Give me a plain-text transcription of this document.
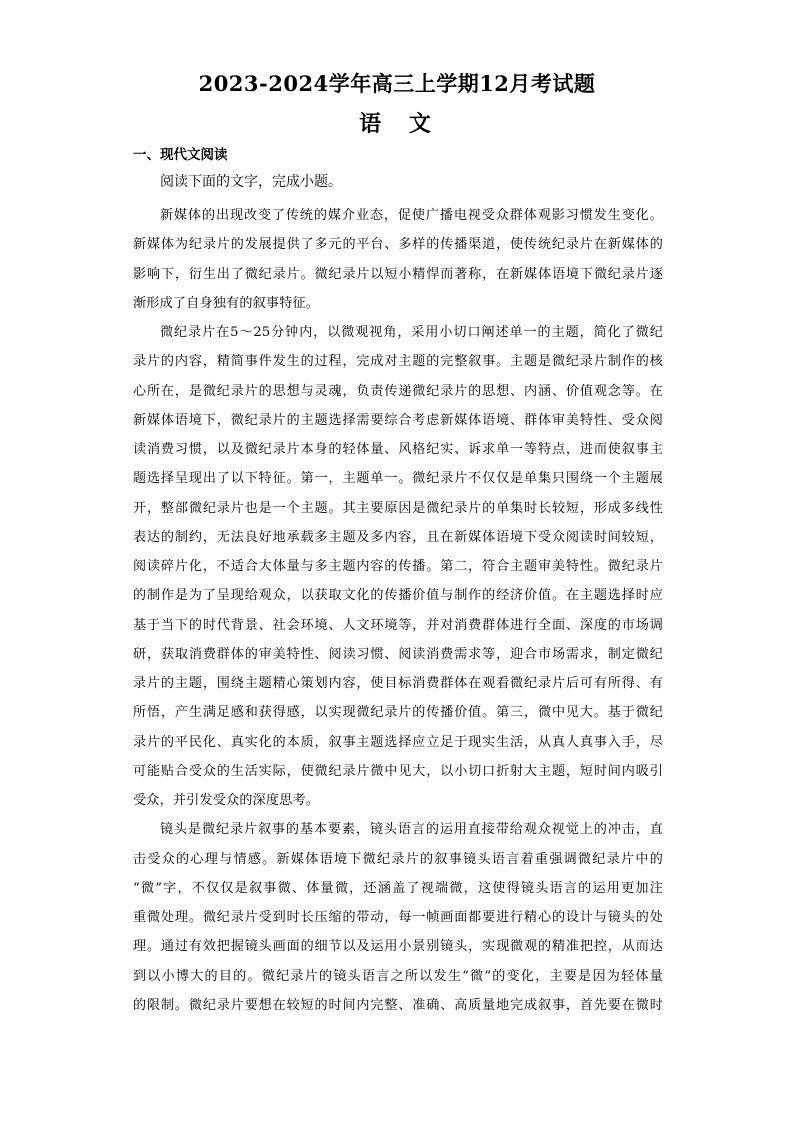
2023-2024学年高三上学期12月考试题
语 文
一、现代文阅读
阅读下面的文字，完成小题。
新媒体的出现改变了传统的媒介业态，促使广播电视受众群体观影习惯发生变化。
新媒体为纪录片的发展提供了多元的平台、多样的传播渠道，使传统纪录片在新媒体的
影响下，衍生出了微纪录片。微纪录片以短小精悍而著称，在新媒体语境下微纪录片逐
渐形成了自身独有的叙事特征。
微纪录片在5～25分钟内，以微观视角，采用小切口阐述单一的主题，简化了微纪
录片的内容，精简事件发生的过程，完成对主题的完整叙事。主题是微纪录片制作的核
心所在，是微纪录片的思想与灵魂，负责传递微纪录片的思想、内涵、价值观念等。在
新媒体语境下，微纪录片的主题选择需要综合考虑新媒体语境、群体审美特性、受众阅
读消费习惯，以及微纪录片本身的轻体量、风格纪实、诉求单一等特点，进而使叙事主
题选择呈现出了以下特征。第一，主题单一。微纪录片不仅仅是单集只围绕一个主题展
开，整部微纪录片也是一个主题。其主要原因是微纪录片的单集时长较短，形成多线性
表达的制约，无法良好地承载多主题及多内容，且在新媒体语境下受众阅读时间较短，
阅读碎片化，不适合大体量与多主题内容的传播。第二，符合主题审美特性。微纪录片
的制作是为了呈现给观众，以获取文化的传播价值与制作的经济价值。在主题选择时应
基于当下的时代背景、社会环境、人文环境等，并对消费群体进行全面、深度的市场调
研，获取消费群体的审美特性、阅读习惯、阅读消费需求等，迎合市场需求，制定微纪
录片的主题，围绕主题精心策划内容，使目标消费群体在观看微纪录片后可有所得、有
所悟，产生满足感和获得感，以实现微纪录片的传播价值。第三，微中见大。基于微纪
录片的平民化、真实化的本质，叙事主题选择应立足于现实生活，从真人真事入手，尽
可能贴合受众的生活实际，使微纪录片微中见大，以小切口折射大主题，短时间内吸引
受众，并引发受众的深度思考。
镜头是微纪录片叙事的基本要素，镜头语言的运用直接带给观众视觉上的冲击，直
击受众的心理与情感。新媒体语境下微纪录片的叙事镜头语言着重强调微纪录片中的
“微”字，不仅仅是叙事微、体量微，还涵盖了视端微，这使得镜头语言的运用更加注
重微处理。微纪录片受到时长压缩的带动，每一帧画面都要进行精心的设计与镜头的处
理。通过有效把握镜头画面的细节以及运用小景别镜头，实现微观的精准把控，从而达
到以小博大的目的。微纪录片的镜头语言之所以发生“微”的变化，主要是因为轻体量
的限制。微纪录片要想在较短的时间内完整、准确、高质量地完成叙事，首先要在微时
